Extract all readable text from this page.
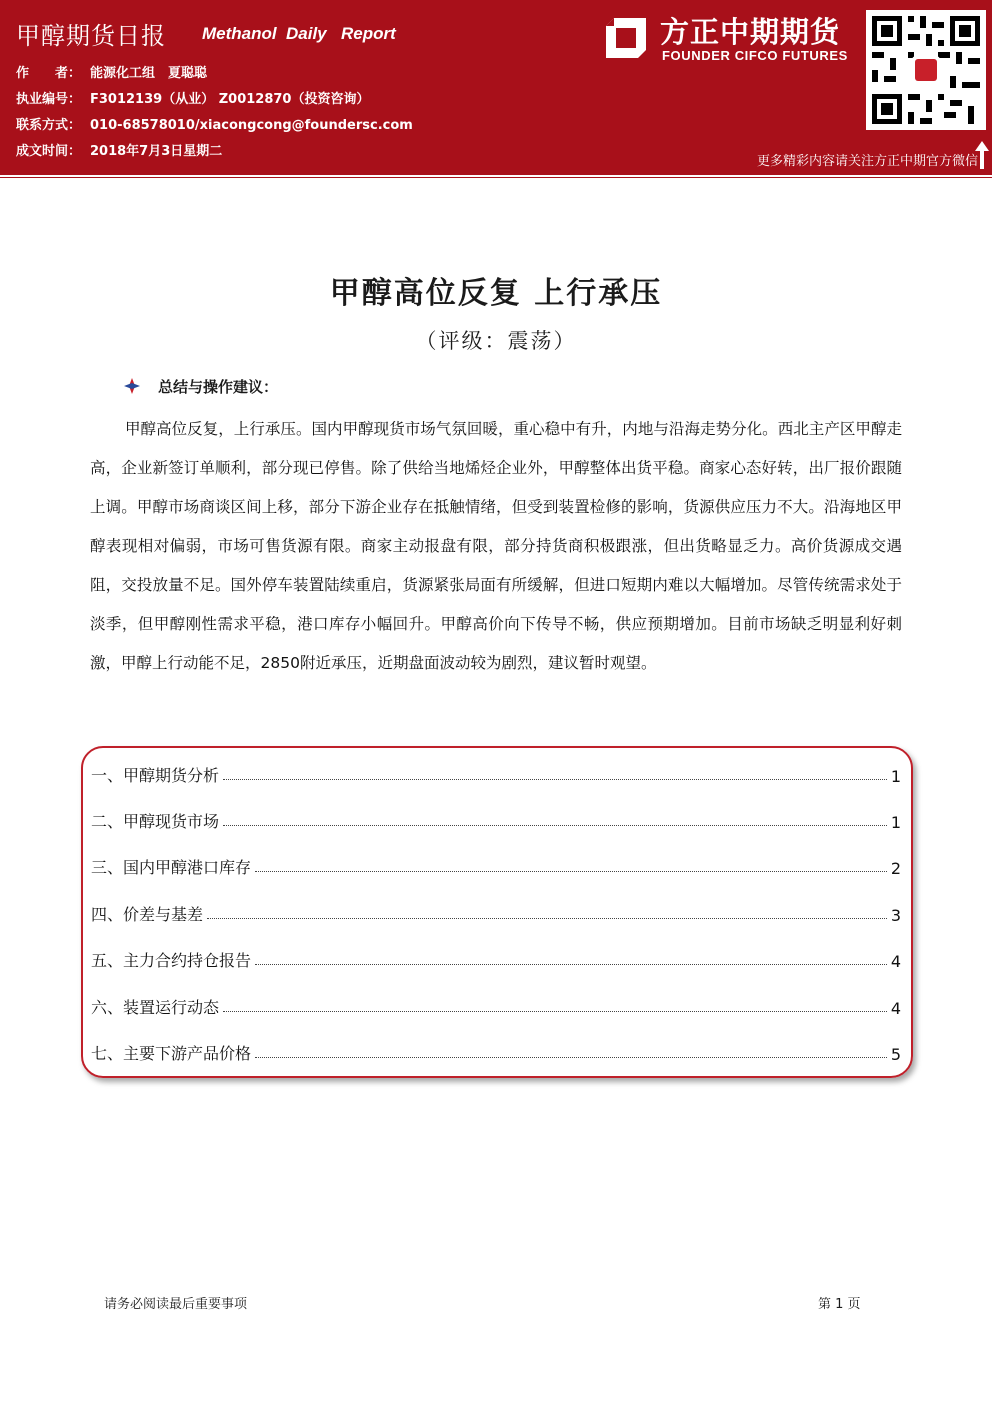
甲醇期货日报 Methanol Daily Report
作　　者： 能源化工组　夏聪聪
执业编号： F3012139（从业） Z0012870（投资咨询）
联系方式： 010-68578010/xiacongcong@foundersc.com
成文时间： 2018年7月3日星期二
方正中期期货
FOUNDER CIFCO FUTURES
更多精彩内容请关注方正中期官方微信
甲醇高位反复 上行承压
（评级：震荡）
总结与操作建议：
甲醇高位反复，上行承压。国内甲醇现货市场气氛回暖，重心稳中有升，内地与沿海走势分化。西北主产区甲醇走高，企业新签订单顺利，部分现已停售。除了供给当地烯烃企业外，甲醇整体出货平稳。商家心态好转，出厂报价跟随上调。甲醇市场商谈区间上移，部分下游企业存在抵触情绪，但受到装置检修的影响，货源供应压力不大。沿海地区甲醇表现相对偏弱，市场可售货源有限。商家主动报盘有限，部分持货商积极跟涨，但出货略显乏力。高价货源成交遇阻，交投放量不足。国外停车装置陆续重启，货源紧张局面有所缓解，但进口短期内难以大幅增加。尽管传统需求处于淡季，但甲醇刚性需求平稳，港口库存小幅回升。甲醇高价向下传导不畅，供应预期增加。目前市场缺乏明显利好刺激，甲醇上行动能不足，2850附近承压，近期盘面波动较为剧烈，建议暂时观望。
一、甲醇期货分析	1
二、甲醇现货市场	1
三、国内甲醇港口库存	2
四、价差与基差	3
五、主力合约持仓报告	4
六、装置运行动态	4
七、主要下游产品价格	5
请务必阅读最后重要事项	第 1 页
